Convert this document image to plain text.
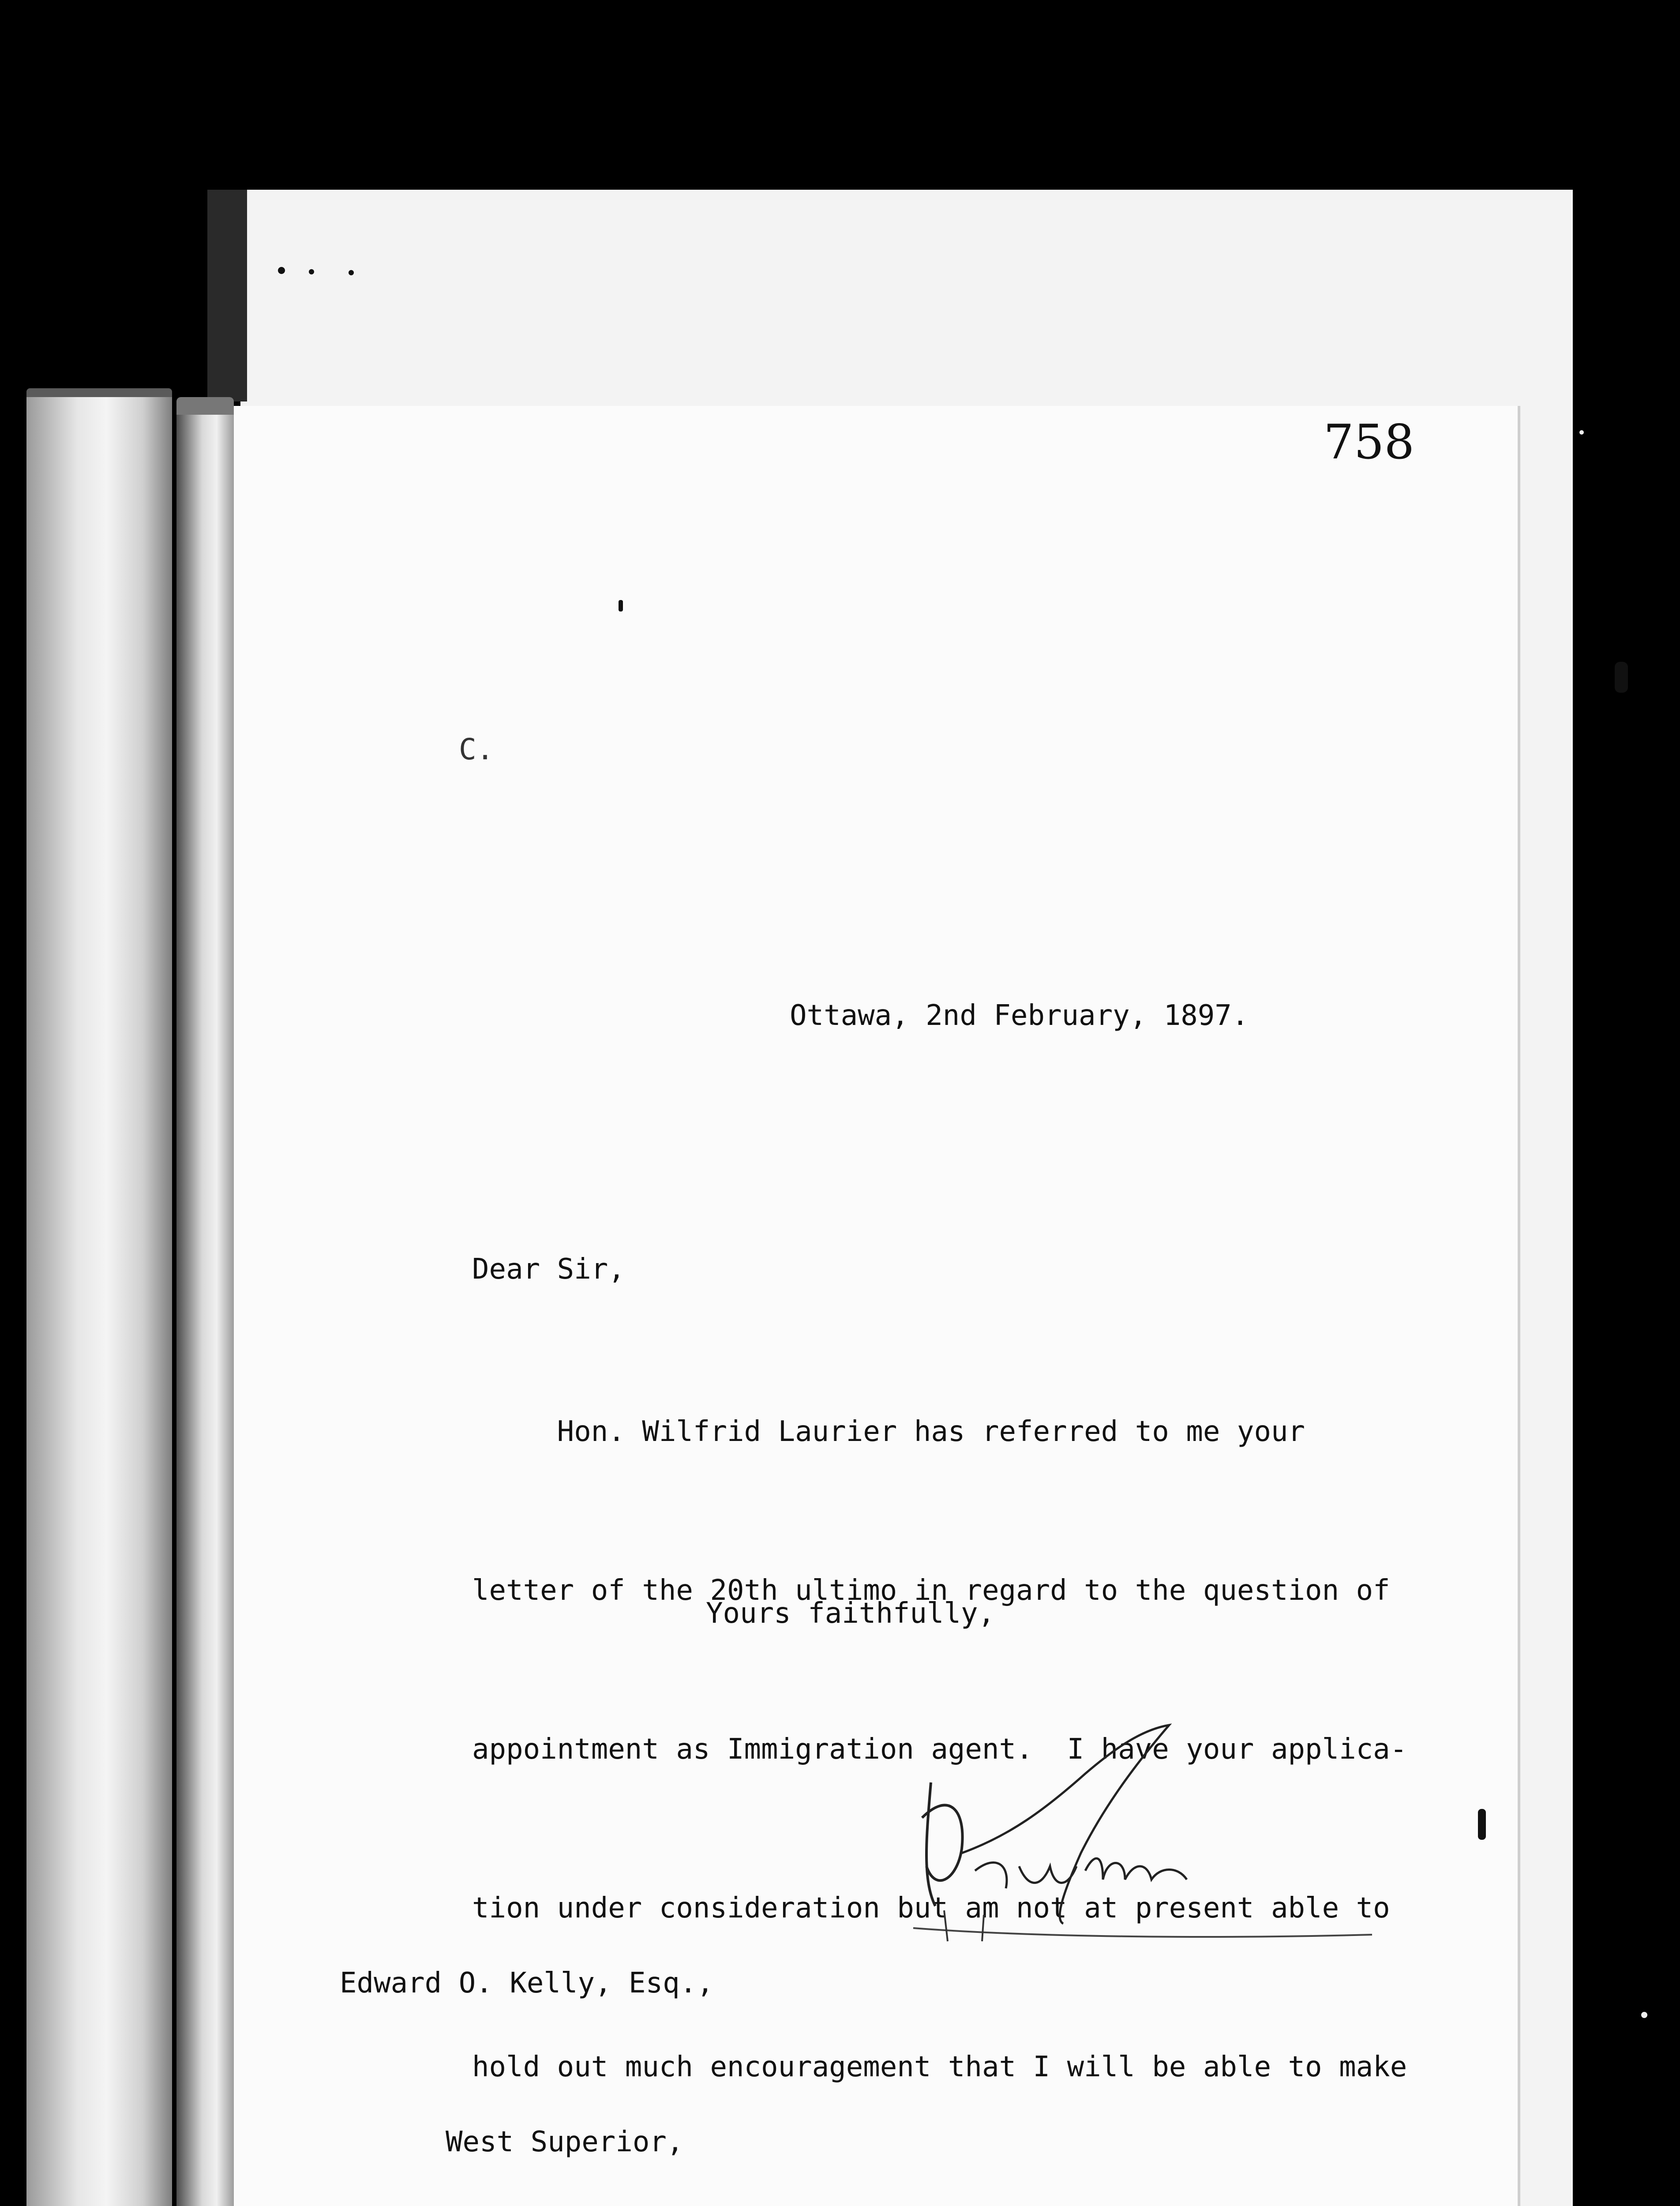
758
C.
Ottawa, 2nd February, 1897.
Dear Sir,

Hon. Wilfrid Laurier has referred to me your

letter of the 20th ultimo in regard to the question of

appointment as Immigration agent.  I have your applica-

tion under consideration but am not at present able to

hold out much encouragement that I will be able to make

Yours faithfully,

Edward O. Kelly, Esq.,

West Superior,
